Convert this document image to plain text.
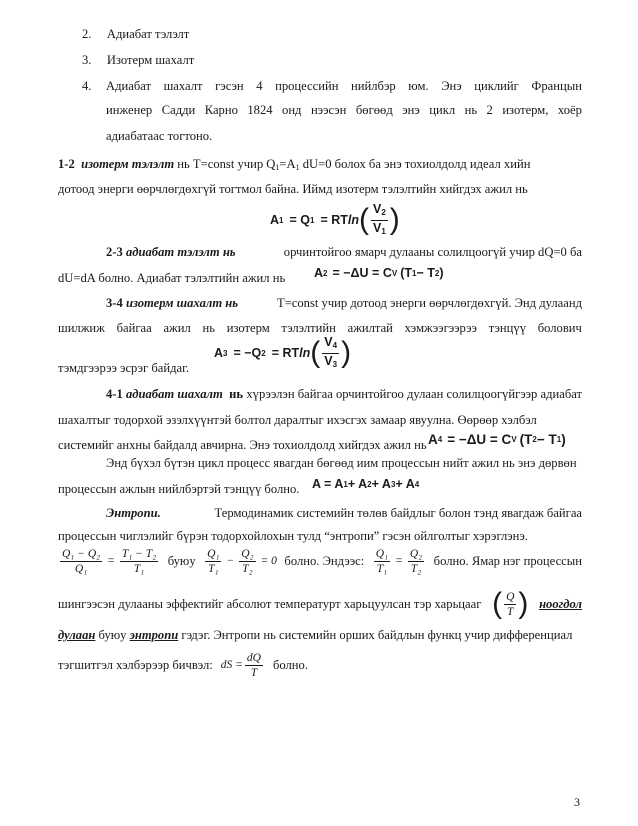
2. Адиабат тэлэлт
3. Изотерм шахалт
4. Адиабат шахалт гэсэн 4 процессийн нийлбэр юм. Энэ циклийг Францын
инженер Садди Карно 1824 онд нээсэн бөгөөд энэ цикл нь 2 изотерм, хоёр
адиабатаас тогтоно.
1-2 изотерм тэлэлт нь T=const учир $Q_1=A_1$ dU=0 болох ба энэ тохиолдолд идеал хийн
дотоод энерги өөрчлөгдөхгүй тогтмол байна. Иймд изотерм тэлэлтийн хийгдэх ажил нь
A 1 = Q 1 = RT ln ( $\frac{V_2}{V_1}$ )
2-3 адиабат тэлэлт нь	орчинтойгоо ямарч дулааны солилцоогүй учир dQ=0 ба
dU=dA болно. Адиабат тэлэлтийн ажил нь A 2 = −ΔU = C V (T 1 − T 2 )
3-4 изотерм шахалт нь	T=const учир дотоод энерги өөрчлөгдөхгүй. Энд дулаанд
шилжиж байгаа ажил нь изотерм тэлэлтийн ажилтай хэмжээгээрээ тэнцүү болович
тэмдгээрээ эсрэг байдаг.
A 3 = −Q 2 = RT ln ( $\frac{V_4}{V_3}$ )
4-1 адиабат шахалт нь хүрээлэн байгаа орчинтойгоо дулаан солилцоогүйгээр адиабат
шахалтыг тодорхой эзэлхүүнтэй болтол даралтыг ихэсгэх замаар явуулна. Өөрөөр хэлбэл
системийг анхны байдалд авчирна. Энэ тохиолдолд хийгдэх ажил нь A 4 = −ΔU = C V (T 2 − T 1 )
Энд бүхэл бүтэн цикл процесс явагдан бөгөөд иим процессын нийт ажил нь энэ дөрвөн
процессын ажлын нийлбэртэй тэнцүү болно. A = A 1 + A 2 + A 3 + A 4
Энтропи.	Термодинамик системийн төлөв байдлыг болон тэнд явагдаж байгаа
процессын чиглэлийг бүрэн тодорхойлохын тулд “энтропи” гэсэн ойлголтыг хэрэглэнэ.
$\frac{\text{Q₁ − Q₂}}{\text{Q₁}} = \frac{\text{T₁ − T₂}}{\text{T₁}}$ буюу $\frac{\text{Q₁}}{\text{T₁}} - \frac{\text{Q₂}}{\text{T₂}} = 0$ болно. Эндээс: $\frac{\text{Q₁}}{\text{T₁}} = \frac{\text{Q₂}}{\text{T₂}}$ болно. Ямар нэг процессын
шингээсэн дулааны эффектийг абсолют температурт харьцуулсан тэр харьцааг ( $\frac{Q}{T}$ ) ноогдол
дулаан буюу энтропи гэдэг. Энтропи нь системийн орших байдлын функц учир дифференциал
тэгшитгэл хэлбэрээр бичвэл: dS = $\frac{dQ}{T}$ болно.
3
